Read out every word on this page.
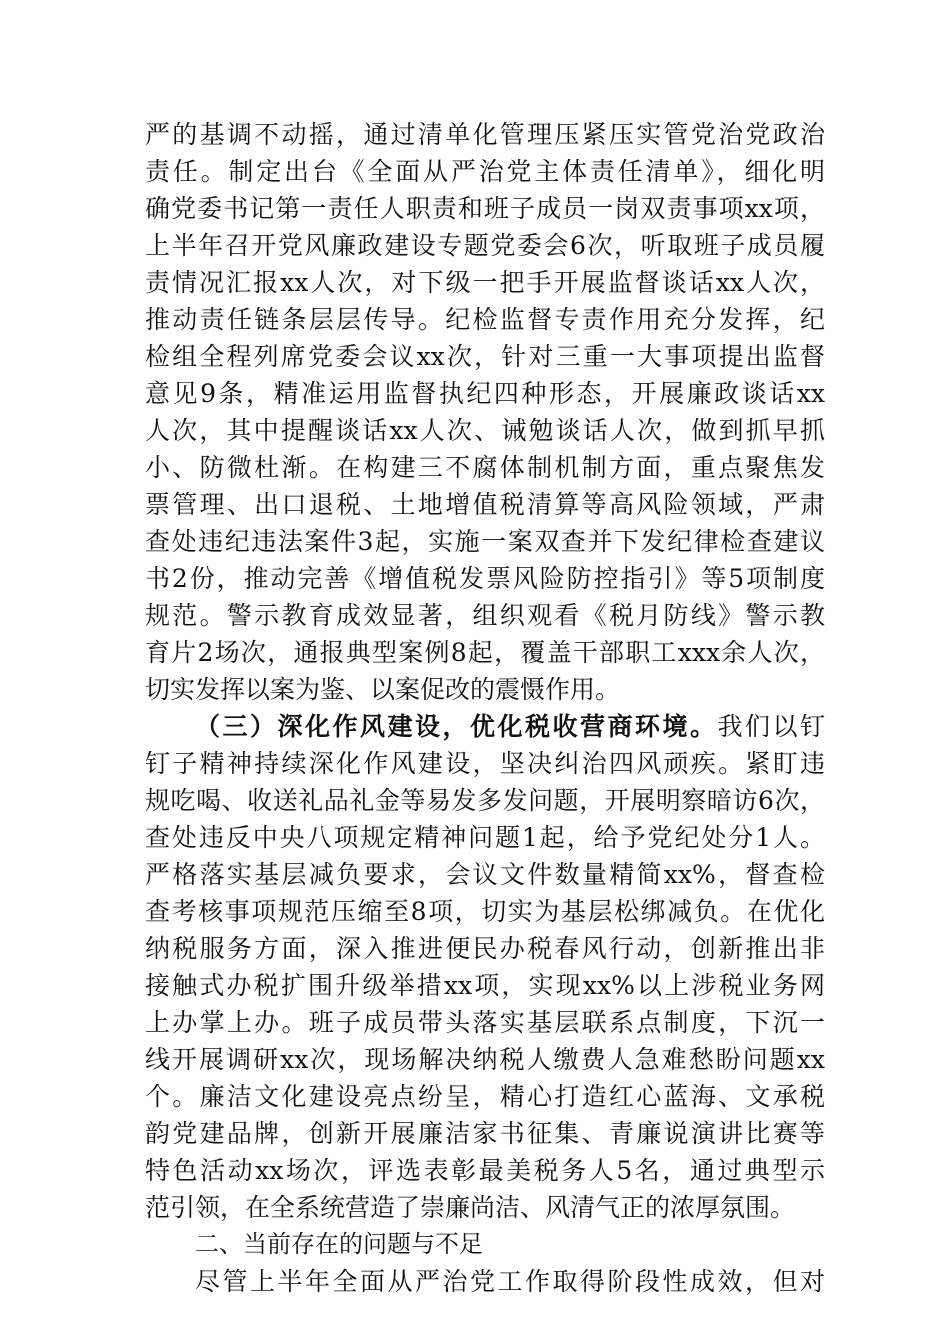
严的基调不动摇，通过清单化管理压紧压实管党治党政治
责任。制定出台《全面从严治党主体责任清单》，细化明
确党委书记第一责任人职责和班子成员一岗双责事项xx项，
上半年召开党风廉政建设专题党委会6次，听取班子成员履
责情况汇报xx人次，对下级一把手开展监督谈话xx人次，
推动责任链条层层传导。纪检监督专责作用充分发挥，纪
检组全程列席党委会议xx次，针对三重一大事项提出监督
意见9条，精准运用监督执纪四种形态，开展廉政谈话xx
人次，其中提醒谈话xx人次、诫勉谈话人次，做到抓早抓
小、防微杜渐。在构建三不腐体制机制方面，重点聚焦发
票管理、出口退税、土地增值税清算等高风险领域，严肃
查处违纪违法案件3起，实施一案双查并下发纪律检查建议
书2份，推动完善《增值税发票风险防控指引》等5项制度
规范。警示教育成效显著，组织观看《税月防线》警示教
育片2场次，通报典型案例8起，覆盖干部职工xxx余人次，
切实发挥以案为鉴、以案促改的震慑作用。
（三）深化作风建设，优化税收营商环境。我们以钉
钉子精神持续深化作风建设，坚决纠治四风顽疾。紧盯违
规吃喝、收送礼品礼金等易发多发问题，开展明察暗访6次，
查处违反中央八项规定精神问题1起，给予党纪处分1人。
严格落实基层减负要求，会议文件数量精简xx%，督查检
查考核事项规范压缩至8项，切实为基层松绑减负。在优化
纳税服务方面，深入推进便民办税春风行动，创新推出非
接触式办税扩围升级举措xx项，实现xx%以上涉税业务网
上办掌上办。班子成员带头落实基层联系点制度，下沉一
线开展调研xx次，现场解决纳税人缴费人急难愁盼问题xx
个。廉洁文化建设亮点纷呈，精心打造红心蓝海、文承税
韵党建品牌，创新开展廉洁家书征集、青廉说演讲比赛等
特色活动xx场次，评选表彰最美税务人5名，通过典型示
范引领，在全系统营造了崇廉尚洁、风清气正的浓厚氛围。
二、当前存在的问题与不足
尽管上半年全面从严治党工作取得阶段性成效，但对
